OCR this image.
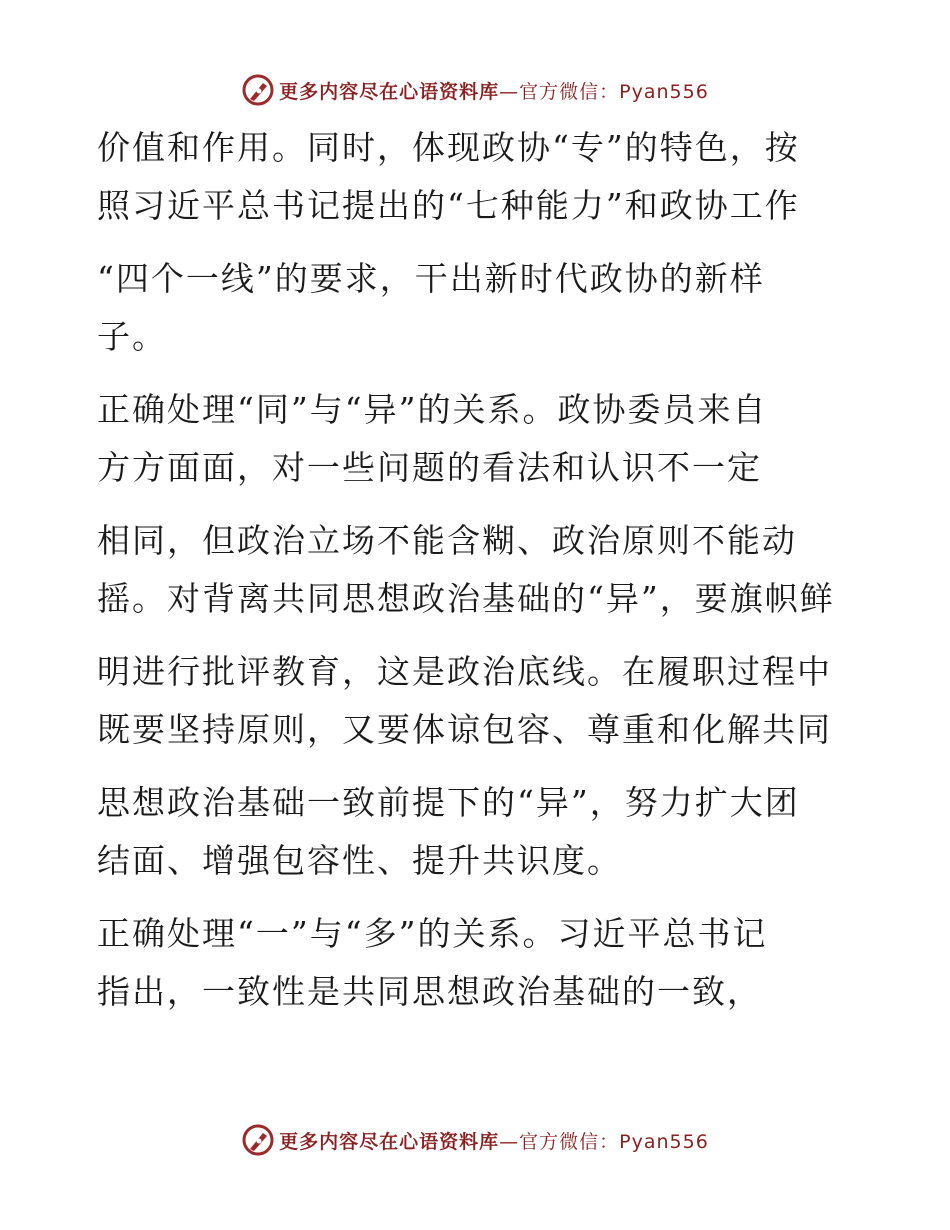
更多内容尽在心语资料库 —官方微信：Pyan556
价值和作用。同时，体现政协“专”的特色，按
照习近平总书记提出的“七种能力”和政协工作
“四个一线”的要求，干出新时代政协的新样
子。
正确处理“同”与“异”的关系。政协委员来自
方方面面，对一些问题的看法和认识不一定
相同，但政治立场不能含糊、政治原则不能动
摇。对背离共同思想政治基础的“异”，要旗帜鲜
明进行批评教育，这是政治底线。在履职过程中
既要坚持原则，又要体谅包容、尊重和化解共同
思想政治基础一致前提下的“异”，努力扩大团
结面、增强包容性、提升共识度。
正确处理“一”与“多”的关系。习近平总书记
指出，一致性是共同思想政治基础的一致，
更多内容尽在心语资料库 —官方微信：Pyan556
